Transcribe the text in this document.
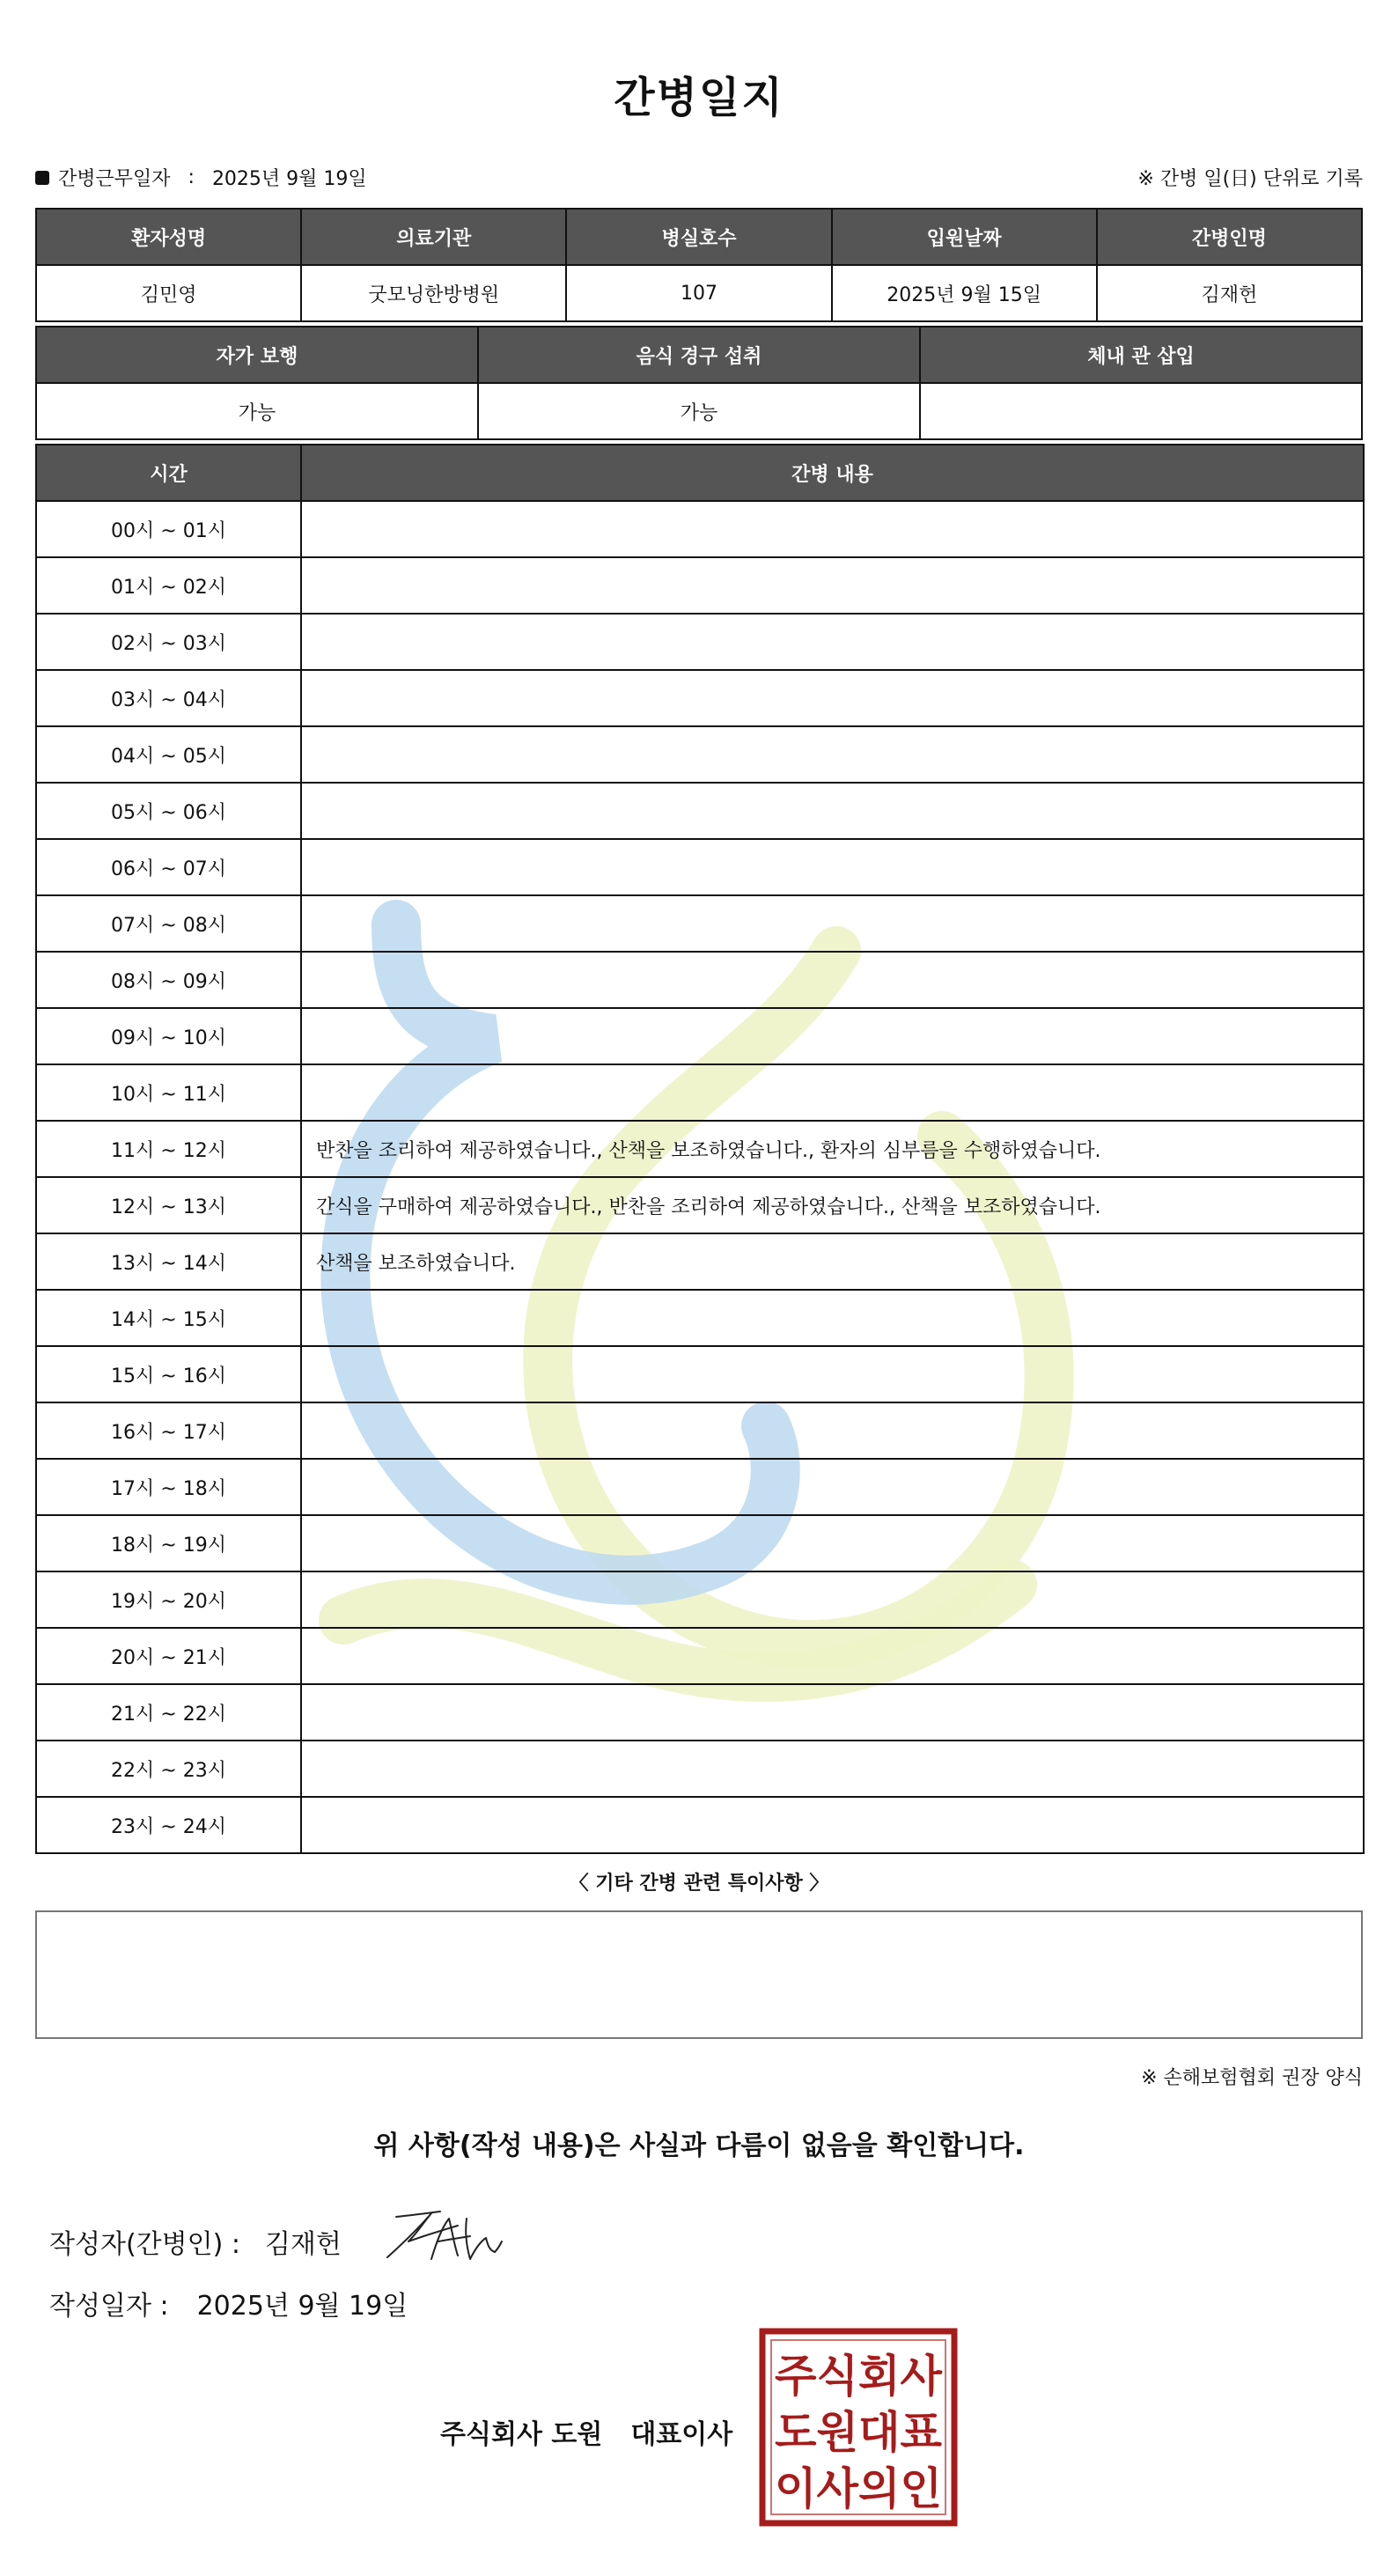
간병일지
간병근무일자 : 2025년 9월 19일	※ 간병 일(日) 단위로 기록
환자성명	의료기관	병실호수	입원날짜	간병인명
김민영	굿모닝한방병원	107	2025년 9월 15일	김재헌
자가 보행	음식 경구 섭취	체내 관 삽입
가능	가능	
시간	간병 내용
00시 ~ 01시	
01시 ~ 02시	
02시 ~ 03시	
03시 ~ 04시	
04시 ~ 05시	
05시 ~ 06시	
06시 ~ 07시	
07시 ~ 08시	
08시 ~ 09시	
09시 ~ 10시	
10시 ~ 11시	
11시 ~ 12시	반찬을 조리하여 제공하였습니다., 산책을 보조하였습니다., 환자의 심부름을 수행하였습니다.
12시 ~ 13시	간식을 구매하여 제공하였습니다., 반찬을 조리하여 제공하였습니다., 산책을 보조하였습니다.
13시 ~ 14시	산책을 보조하였습니다.
14시 ~ 15시	
15시 ~ 16시	
16시 ~ 17시	
17시 ~ 18시	
18시 ~ 19시	
19시 ~ 20시	
20시 ~ 21시	
21시 ~ 22시	
22시 ~ 23시	
23시 ~ 24시	
〈 기타 간병 관련 특이사항 〉
※ 손해보험협회 권장 양식
위 사항(작성 내용)은 사실과 다름이 없음을 확인합니다.
작성자(간병인) : 김재헌
작성일자 : 2025년 9월 19일
주식회사 도원 대표이사
주식회사
도원대표
이사의인
